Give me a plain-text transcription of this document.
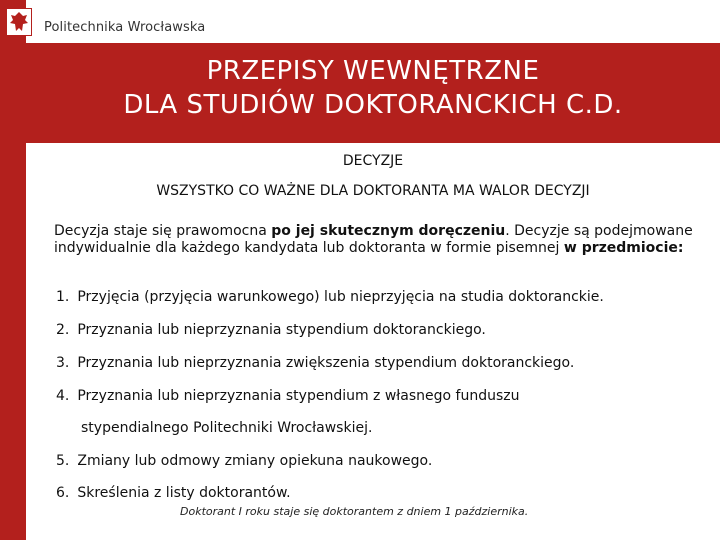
Politechnika Wrocławska
PRZEPISY WEWNĘTRZNE
DLA STUDIÓW DOKTORANCKICH C.D.
DECYZJE
WSZYSTKO CO WAŻNE DLA DOKTORANTA MA WALOR DECYZJI
Decyzja staje się prawomocna po jej skutecznym doręczeniu. Decyzje są podejmowane indywidualnie dla każdego kandydata lub doktoranta w formie pisemnej w przedmiocie:
1. Przyjęcia (przyjęcia warunkowego) lub nieprzyjęcia na studia doktoranckie.
2. Przyznania lub nieprzyznania stypendium doktoranckiego.
3. Przyznania lub nieprzyznania zwiększenia stypendium doktoranckiego.
4. Przyznania lub nieprzyznania stypendium z własnego funduszu
stypendialnego Politechniki Wrocławskiej.
5. Zmiany lub odmowy zmiany opiekuna naukowego.
6. Skreślenia z listy doktorantów.
Doktorant I roku staje się doktorantem z dniem 1 października.
